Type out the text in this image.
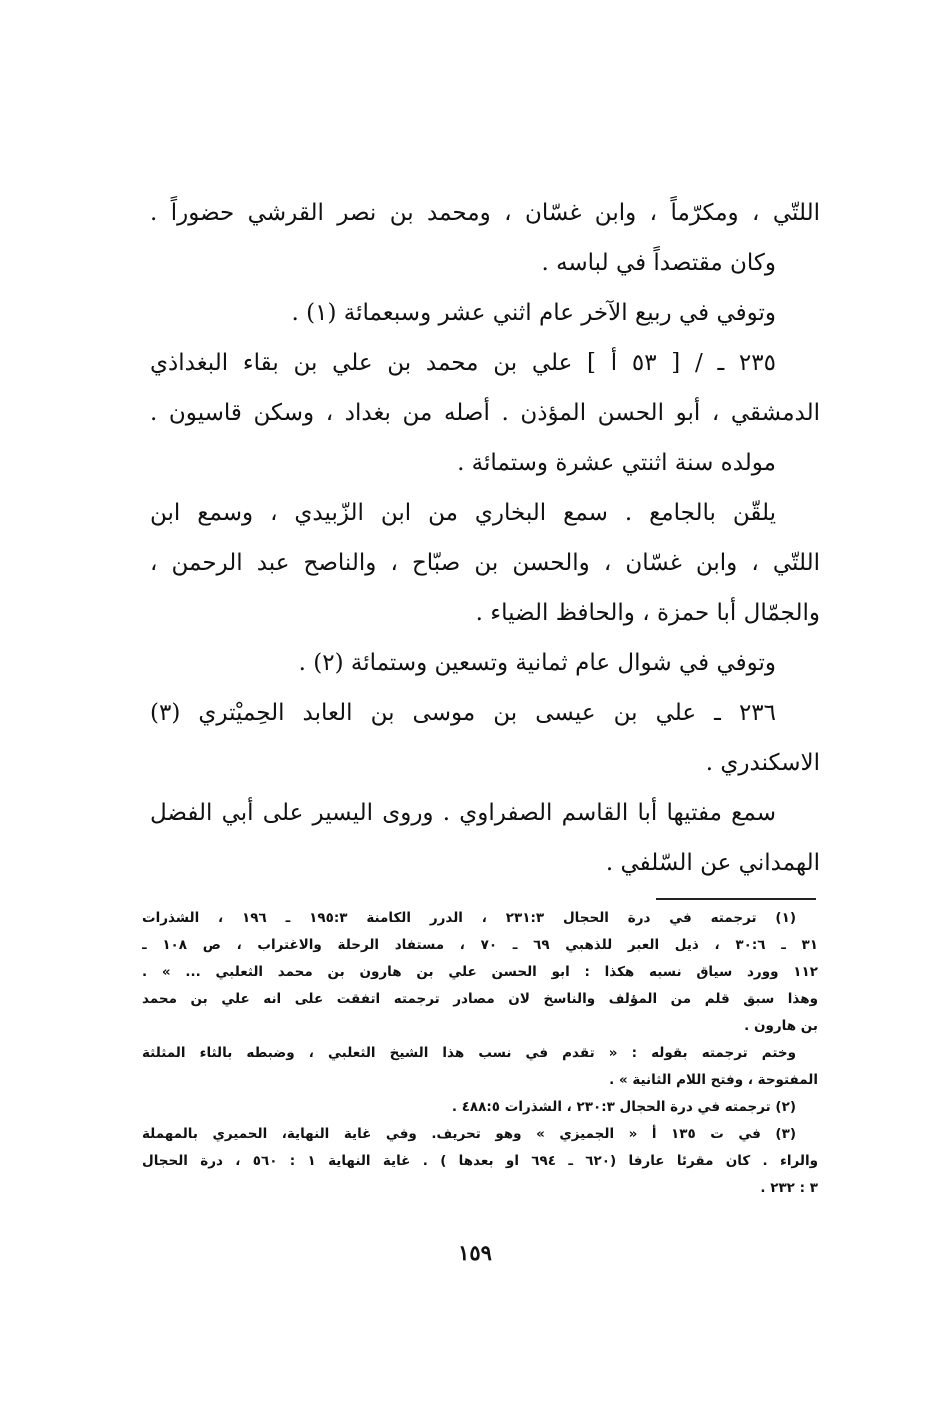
اللتّي ، ومكرّماً ، وابن غسّان ، ومحمد بن نصر القرشي حضوراً .
وكان مقتصداً في لباسه .
وتوفي في ربيع الآخر عام اثني عشر وسبعمائة (١) .
٢٣٥ ـ / [ ٥٣ أ ] علي بن محمد بن علي بن بقاء البغداذي
الدمشقي ، أبو الحسن المؤذن . أصله من بغداد ، وسكن قاسيون .
مولده سنة اثنتي عشرة وستمائة .
يلقّن بالجامع . سمع البخاري من ابن الزّبيدي ، وسمع ابن
اللتّي ، وابن غسّان ، والحسن بن صبّاح ، والناصح عبد الرحمن ،
والجمّال أبا حمزة ، والحافظ الضياء .
وتوفي في شوال عام ثمانية وتسعين وستمائة (٢) .
٢٣٦ ـ علي بن عيسى بن موسى بن العابد الحِميْتري (٣)
الاسكندري .
سمع مفتيها أبا القاسم الصفراوي . وروى اليسير على أبي الفضل
الهمداني عن السّلفي .
(١) ترجمته في درة الحجال ٢٣١:٣ ، الدرر الكامنة ١٩٥:٣ ـ ١٩٦ ، الشذرات
٣١ ـ ٣٠:٦ ، ذيل العبر للذهبي ٦٩ ـ ٧٠ ، مستفاد الرحلة والاغتراب ، ص ١٠٨ ـ
١١٢ وورد سياق نسبه هكذا : ابو الحسن علي بن هارون بن محمد الثعلبي ... » .
وهذا سبق قلم من المؤلف والناسخ لان مصادر ترجمته اتفقت على انه علي بن محمد
بن هارون .
وختم ترجمته بقوله : « تقدم في نسب هذا الشيخ الثعلبي ، وضبطه بالثاء المثلثة
المفتوحة ، وفتح اللام الثانية » .
(٢) ترجمته في درة الحجال ٢٣٠:٣ ، الشذرات ٤٨٨:٥ .
(٣) في ت ١٣٥ أ « الجميزي » وهو تحريف. وفي غاية النهاية، الحميري بالمهملة
والراء . كان مقرئا عارفا (٦٢٠ ـ ٦٩٤ او بعدها ) . غاية النهاية ١ : ٥٦٠ ، درة الحجال
٣ : ٢٣٢ .
١٥٩
